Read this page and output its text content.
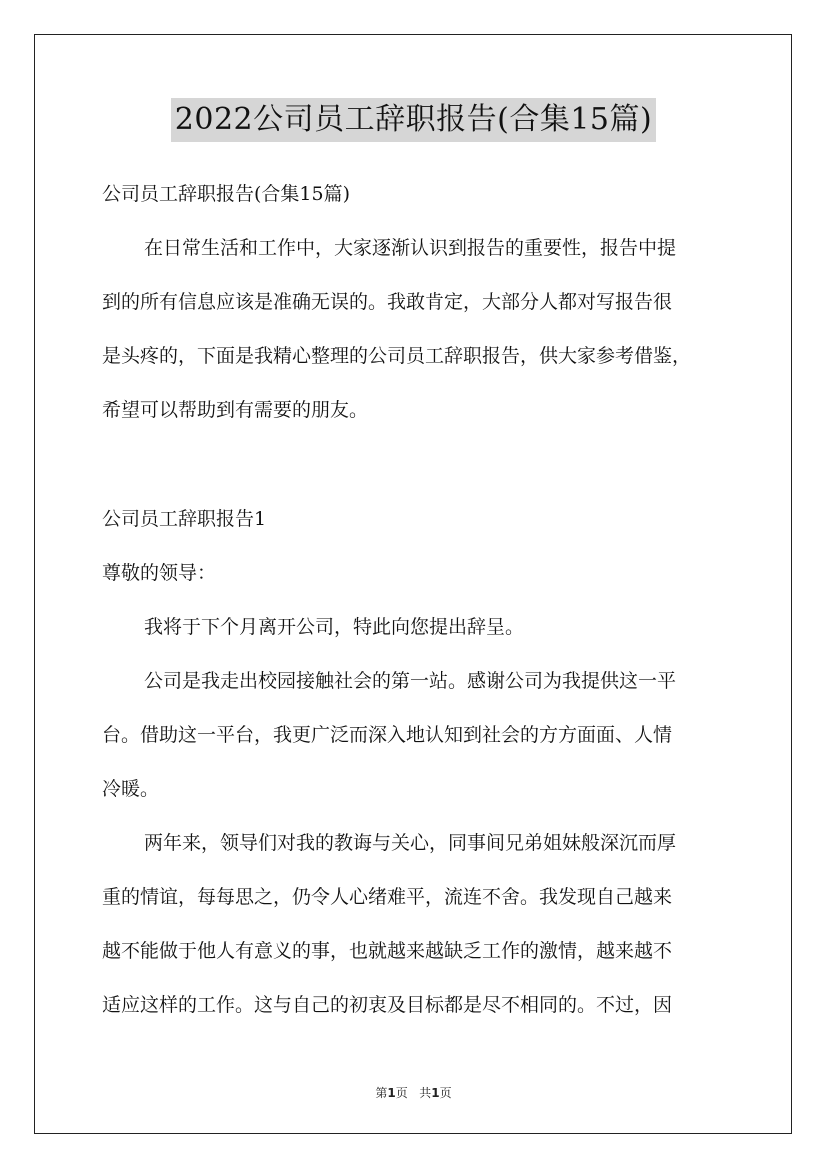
2022公司员工辞职报告(合集15篇)
公司员工辞职报告(合集15篇)
在日常生活和工作中，大家逐渐认识到报告的重要性，报告中提
到的所有信息应该是准确无误的。我敢肯定，大部分人都对写报告很
是头疼的，下面是我精心整理的公司员工辞职报告，供大家参考借鉴，
希望可以帮助到有需要的朋友。
公司员工辞职报告1
尊敬的领导：
我将于下个月离开公司，特此向您提出辞呈。
公司是我走出校园接触社会的第一站。感谢公司为我提供这一平
台。借助这一平台，我更广泛而深入地认知到社会的方方面面、人情
冷暖。
两年来，领导们对我的教诲与关心，同事间兄弟姐妹般深沉而厚
重的情谊，每每思之，仍令人心绪难平，流连不舍。我发现自己越来
越不能做于他人有意义的事，也就越来越缺乏工作的激情，越来越不
适应这样的工作。这与自己的初衷及目标都是尽不相同的。不过，因
第1页 共1页
